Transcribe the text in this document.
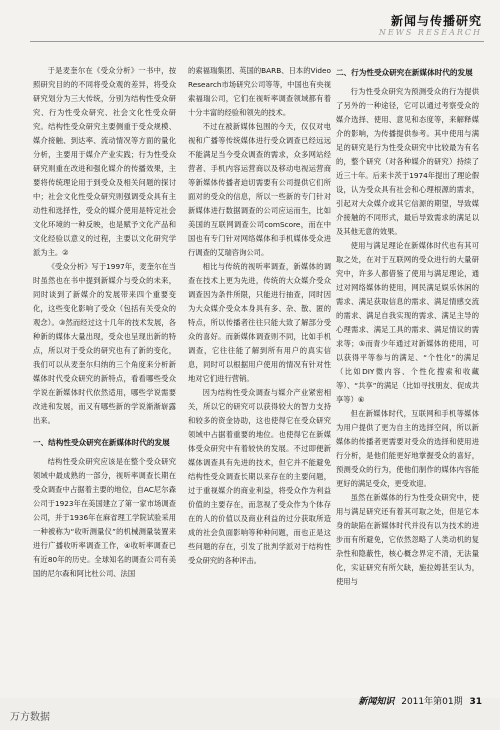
新闻与传播研究
NEWS RESEARCH

于是麦奎尔在《受众分析》一书中，按照研究目的的不同将受众观的差异，将受众研究划分为三大传统，分别为结构性受众研究、行为性受众研究、社会文化性受众研究。结构性受众研究主要侧重于受众规模、媒介接触、到达率、流动情况等方面的量化分析，主要用于媒介产业实践；行为性受众研究则重在改进和强化媒介的传播效果，主要将传统理论用于到受众及相关问题的探讨中；社会文化性受众研究则强调受众具有主动性和选择性，受众的媒介使用是特定社会文化环境的一种反映，也是赋予文化产品和文化经验以意义的过程，主要以文化研究学派为主。②

《受众分析》写于1997年，麦奎尔在当时虽然也在书中提到新媒介与受众的未来，同时谈到了新媒介的发展带来四个重要变化，这些变化影响了受众（包括有关受众的观念）。③然而经过这十几年的技术发展，各种新的媒体大量出现，受众也呈现出新的特点，所以对于受众的研究也有了新的变化，我们可以从麦奎尔归纳的三个角度来分析新媒体时代受众研究的新特点，看看哪些受众学说在新媒体时代依然适用，哪些学说需要改进和发展，而又有哪些新的学说渐渐崭露出来。

一、结构性受众研究在新媒体时代的发展

结构性受众研究应该是在整个受众研究领域中最成熟的一部分，视听率调查长期在受众调查中占据着主要的地位，自AC尼尔森公司于1923年在美国建立了第一家市场调查公司，并于1936年在麻省理工学院试验采用一种被称为“收听测量仪”的机械测量装置来进行广播收听率调查工作，④收听率调查已有近80年的历史。全球知名的调查公司有美国的尼尔森和阿比杜公司、法国

的索福瑞集团、英国的BARB、日本的Video Research市场研究公司等等，中国也有央视索福瑞公司，它们在视听率调查领域都有着十分丰富的经验和领先的技术。

不过在被新媒体包围的今天，仅仅对电视和广播等传统媒体进行受众调查已经远远不能满足当今受众调查的需求，众多网站经营者、手机内容运营商以及移动电视运营商等新媒体传播者迫切需要有公司提供它们所面对的受众的信息，所以一些新的专门针对新媒体进行数据调查的公司应运而生，比如美国的互联网调查公司comScore，而在中国也有专门针对网络媒体和手机媒体受众进行调查的艾瑞咨询公司。

相比与传统的视听率调查，新媒体的调查在技术上更为先进，传统的大众媒介受众调查因为条件所限，只能进行抽查，同时因为大众媒介受众本身具有多、杂、散、匿的特点，所以传播者往往只能大致了解部分受众的喜好。而新媒体调查则不同，比如手机调查，它往往能了解到所有用户的真实信息，同时可以根据用户使用的情况有针对性地对它们进行营销。

因为结构性受众调查与媒介产业紧密相关，所以它的研究可以获得较大的智力支持和较多的资金协助，这也使得它在受众研究领域中占据着重要的地位。也使得它在新媒体受众研究中有着较快的发展。不过即便新媒体调查具有先进的技术，但它并不能避免结构性受众调查长期以来存在的主要问题，过于重视媒介的商业利益，将受众作为利益价值的主要存在，而忽视了受众作为个体存在的人的价值以及商业利益的过分获取所造成的社会负面影响等种种问题，而也正是这些问题的存在，引发了批判学派对于结构性受众研究的各种评击。

二、行为性受众研究在新媒体时代的发展

行为性受众研究为预测受众的行为提供了另外的一种途径，它可以通过考察受众的媒介选择、使用、意见和态度等，来解释媒介的影响，为传播提供参考。其中使用与满足的研究是行为性受众研究中比较最为有名的，整个研究（对各种媒介的研究）持续了近三十年。后来卡茨于1974年提出了理论假设，认为受众具有社会和心理根源的需求，引起对大众媒介或其它信源的期望，导致媒介接触的不同形式，最后导致需求的满足以及其他无意的效果。

使用与满足理论在新媒体时代也有其可取之处，在对于互联网的受众进行的大量研究中，许多人都借鉴了使用与满足理论，通过对网络媒体的使用，网民满足娱乐休闲的需求、满足获取信息的需求、满足情感交流的需求、满足自我实现的需求、满足主导的心理需求、满足工具的需求、满足情议的需求等；⑤而青少年通过对新媒体的使用，可以获得平等参与的满足、“个性化”的满足（比如DIY微内容、个性化搜索和收藏等）、“共享”的满足（比如寻找朋友、促成共享等）⑥

但在新媒体时代，互联网和手机等媒体为用户提供了更为自主的选择空间，所以新媒体的传播者更需要对受众的选择和使用进行分析，是他们能更好地掌握受众的喜好，预测受众的行为，使他们制作的媒体内容能更好的满足受众，更受欢迎。

虽然在新媒体的行为性受众研究中，使用与满足研究还有着其可取之处，但是它本身的缺陷在新媒体时代并没有以为技术的进步而有所避免，它依然忽略了人类动机的复杂性和隐蔽性，核心概念界定不清，无法量化，实证研究有所欠缺，施拉姆甚至认为，使用与

新闻知识 2011年第01期 31
万方数据
